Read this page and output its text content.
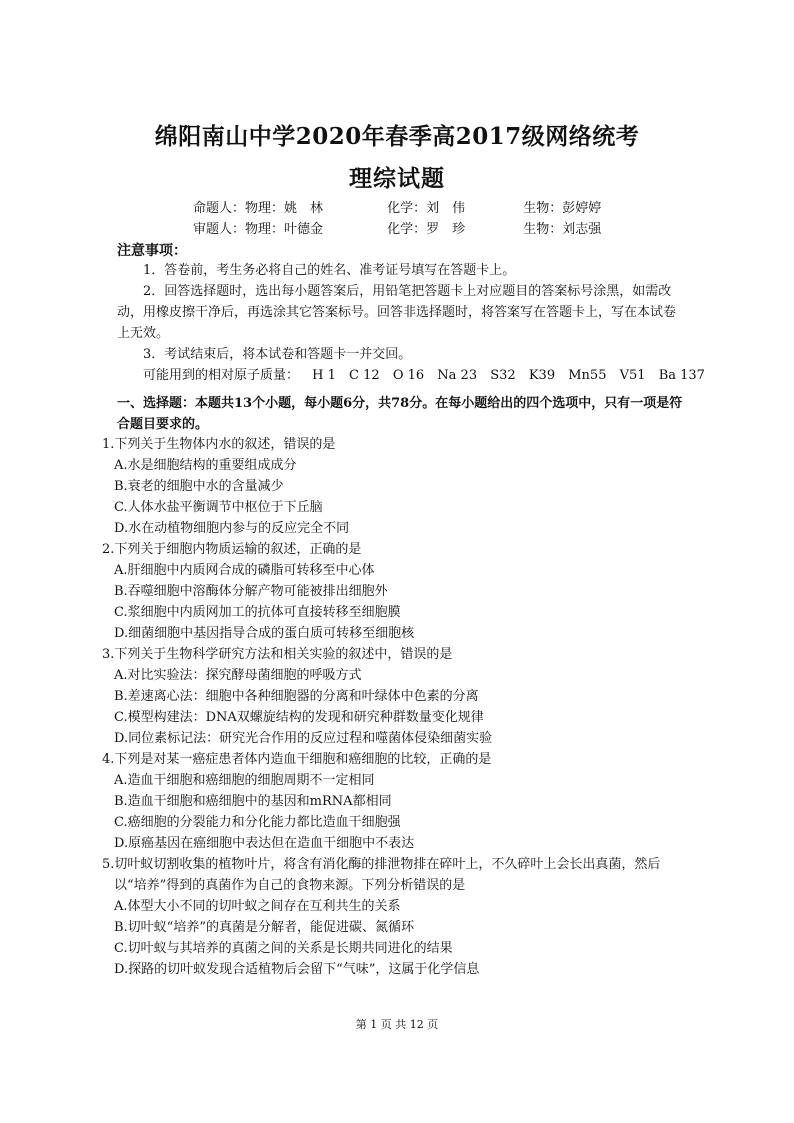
绵阳南山中学2020年春季高2017级网络统考
理综试题
命题人：物理：姚　林	化学：刘　伟	生物：彭婷婷
审题人：物理：叶德金	化学：罗　珍	生物：刘志强
注意事项：

1．答卷前，考生务必将自己的姓名、准考证号填写在答题卡上。

2．回答选择题时，选出每小题答案后，用铅笔把答题卡上对应题目的答案标号涂黑，如需改动，用橡皮擦干净后，再选涂其它答案标号。回答非选择题时，将答案写在答题卡上，写在本试卷上无效。

3．考试结束后，将本试卷和答题卡一并交回。

可能用到的相对原子质量： H 1 C 12 O 16 Na 23 S32 K39 Mn55 V51 Ba 137

一、选择题：本题共13个小题，每小题6分，共78分。在每小题给出的四个选项中，只有一项是符合题目要求的。

1.下列关于生物体内水的叙述，错误的是

A.水是细胞结构的重要组成成分

B.衰老的细胞中水的含量减少

C.人体水盐平衡调节中枢位于下丘脑

D.水在动植物细胞内参与的反应完全不同

2.下列关于细胞内物质运输的叙述，正确的是

A.肝细胞中内质网合成的磷脂可转移至中心体

B.吞噬细胞中溶酶体分解产物可能被排出细胞外

C.浆细胞中内质网加工的抗体可直接转移至细胞膜

D.细菌细胞中基因指导合成的蛋白质可转移至细胞核

3.下列关于生物科学研究方法和相关实验的叙述中，错误的是

A.对比实验法：探究酵母菌细胞的呼吸方式

B.差速离心法：细胞中各种细胞器的分离和叶绿体中色素的分离

C.模型构建法：DNA双螺旋结构的发现和研究种群数量变化规律

D.同位素标记法：研究光合作用的反应过程和噬菌体侵染细菌实验

4.下列是对某一癌症患者体内造血干细胞和癌细胞的比较，正确的是

A.造血干细胞和癌细胞的细胞周期不一定相同

B.造血干细胞和癌细胞中的基因和mRNA都相同

C.癌细胞的分裂能力和分化能力都比造血干细胞强

D.原癌基因在癌细胞中表达但在造血干细胞中不表达

5.切叶蚁切割收集的植物叶片，将含有消化酶的排泄物排在碎叶上，不久碎叶上会长出真菌，然后以“培养”得到的真菌作为自己的食物来源。下列分析错误的是

A.体型大小不同的切叶蚁之间存在互利共生的关系

B.切叶蚁“培养”的真菌是分解者，能促进碳、氮循环

C.切叶蚁与其培养的真菌之间的关系是长期共同进化的结果

D.探路的切叶蚁发现合适植物后会留下“气味”，这属于化学信息

第 1 页 共 12 页
